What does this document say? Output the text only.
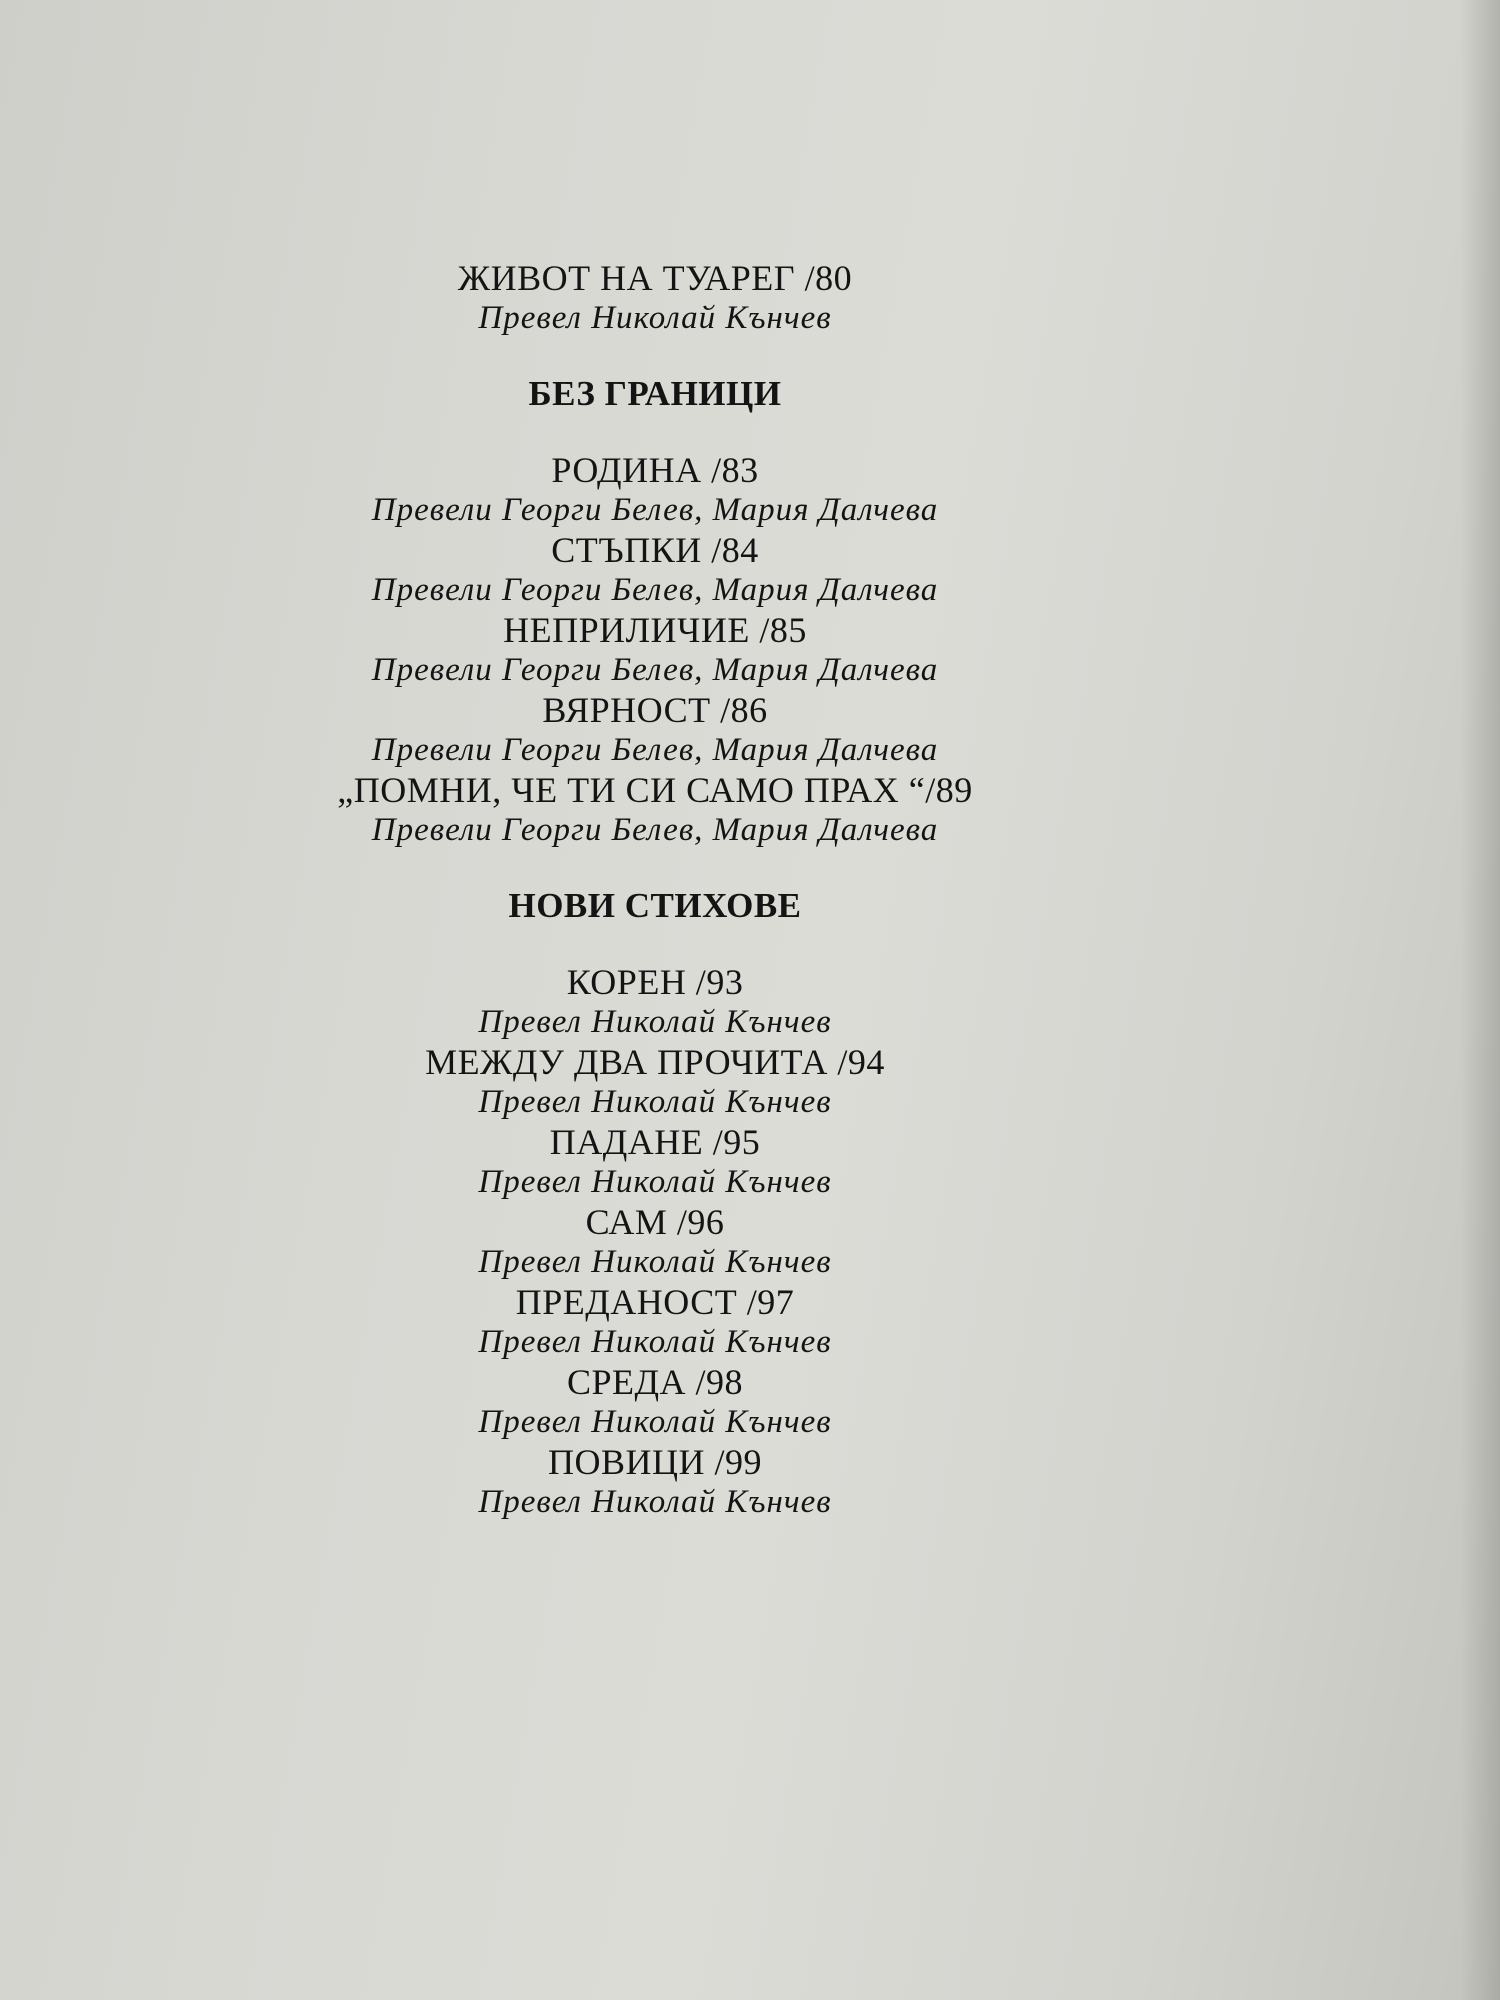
ЖИВОТ НА ТУАРЕГ /80
Превел Николай Кънчев
БЕЗ ГРАНИЦИ
РОДИНА /83
Превели Георги Белев, Мария Далчева
СТЪПКИ /84
Превели Георги Белев, Мария Далчева
НЕПРИЛИЧИЕ /85
Превели Георги Белев, Мария Далчева
ВЯРНОСТ /86
Превели Георги Белев, Мария Далчева
„ПОМНИ, ЧЕ ТИ СИ САМО ПРАХ “/89
Превели Георги Белев, Мария Далчева
НОВИ СТИХОВЕ
КОРЕН /93
Превел Николай Кънчев
МЕЖДУ ДВА ПРОЧИТА /94
Превел Николай Кънчев
ПАДАНЕ /95
Превел Николай Кънчев
САМ /96
Превел Николай Кънчев
ПРЕДАНОСТ /97
Превел Николай Кънчев
СРЕДА /98
Превел Николай Кънчев
ПОВИЦИ /99
Превел Николай Кънчев
